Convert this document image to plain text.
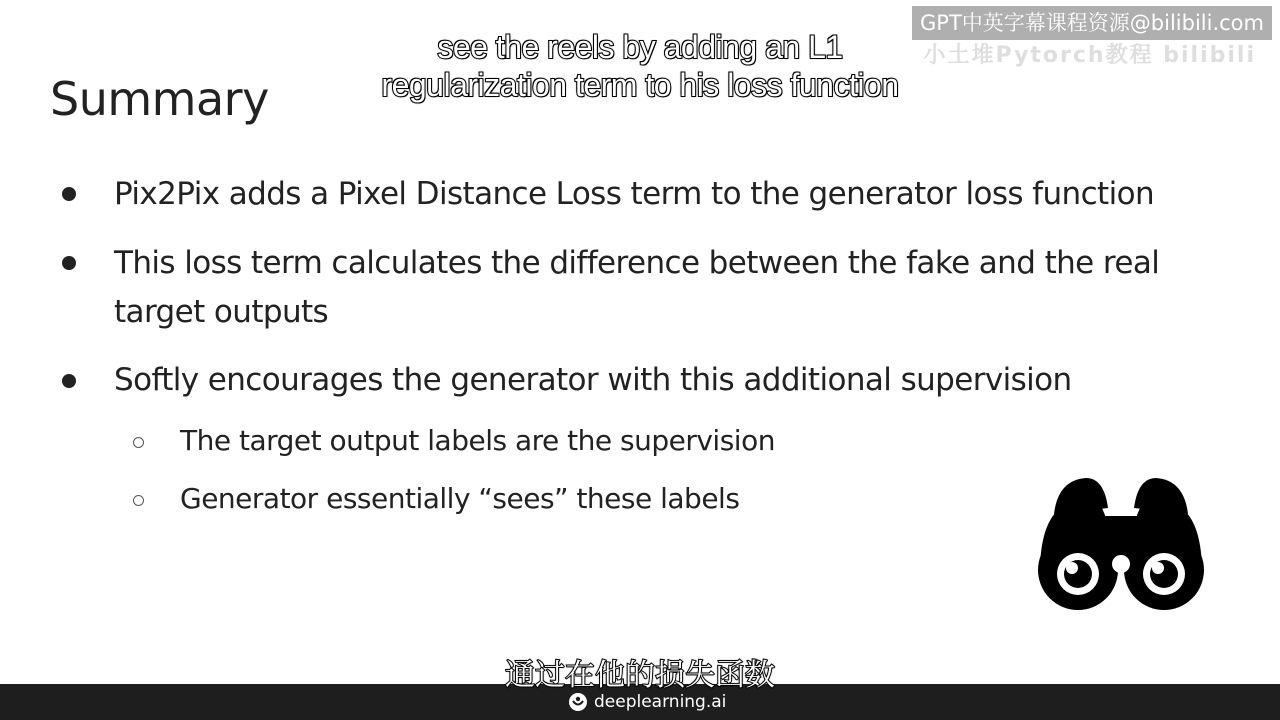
Summary
Pix2Pix adds a Pixel Distance Loss term to the generator loss function
This loss term calculates the difference between the fake and the real
target outputs
Softly encourages the generator with this additional supervision
The target output labels are the supervision
Generator essentially “sees” these labels
deeplearning.ai
see the reels by adding an L1
regularization term to his loss function
通过在他的损失函数
GPT中英字幕课程资源@bilibili.com
小土堆Pytorch教程 bilibili
